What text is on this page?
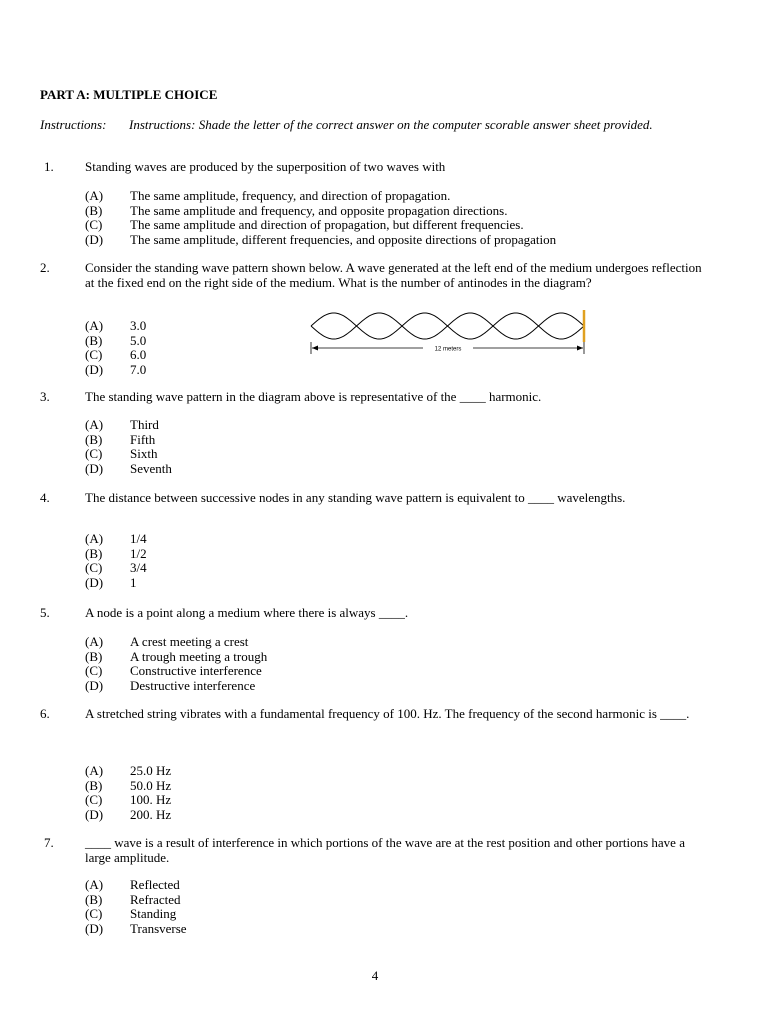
PART A: MULTIPLE CHOICE
Instructions: Instructions: Shade the letter of the correct answer on the computer scorable answer sheet provided.
1. Standing waves are produced by the superposition of two waves with
(A) The same amplitude, frequency, and direction of propagation.
(B) The same amplitude and frequency, and opposite propagation directions.
(C) The same amplitude and direction of propagation, but different frequencies.
(D) The same amplitude, different frequencies, and opposite directions of propagation
2.	Consider the standing wave pattern shown below. A wave generated at the left end of the medium undergoes reflection at the fixed end on the right side of the medium. What is the number of antinodes in the diagram?
(A) 3.0
(B) 5.0
(C) 6.0
(D) 7.0
12 meters
3.	The standing wave pattern in the diagram above is representative of the ____ harmonic.
(A) Third
(B) Fifth
(C) Sixth
(D) Seventh
4.	The distance between successive nodes in any standing wave pattern is equivalent to ____ wavelengths.
(A) 1/4
(B) 1/2
(C) 3/4
(D) 1
5.	A node is a point along a medium where there is always ____.
(A) A crest meeting a crest
(B) A trough meeting a trough
(C) Constructive interference
(D) Destructive interference
6.	A stretched string vibrates with a fundamental frequency of 100. Hz. The frequency of the second harmonic is ____.
(A) 25.0 Hz
(B) 50.0 Hz
(C) 100. Hz
(D) 200. Hz
7. ____ wave is a result of interference in which portions of the wave are at the rest position and other portions have a large amplitude.
(A) Reflected
(B) Refracted
(C) Standing
(D) Transverse
4
